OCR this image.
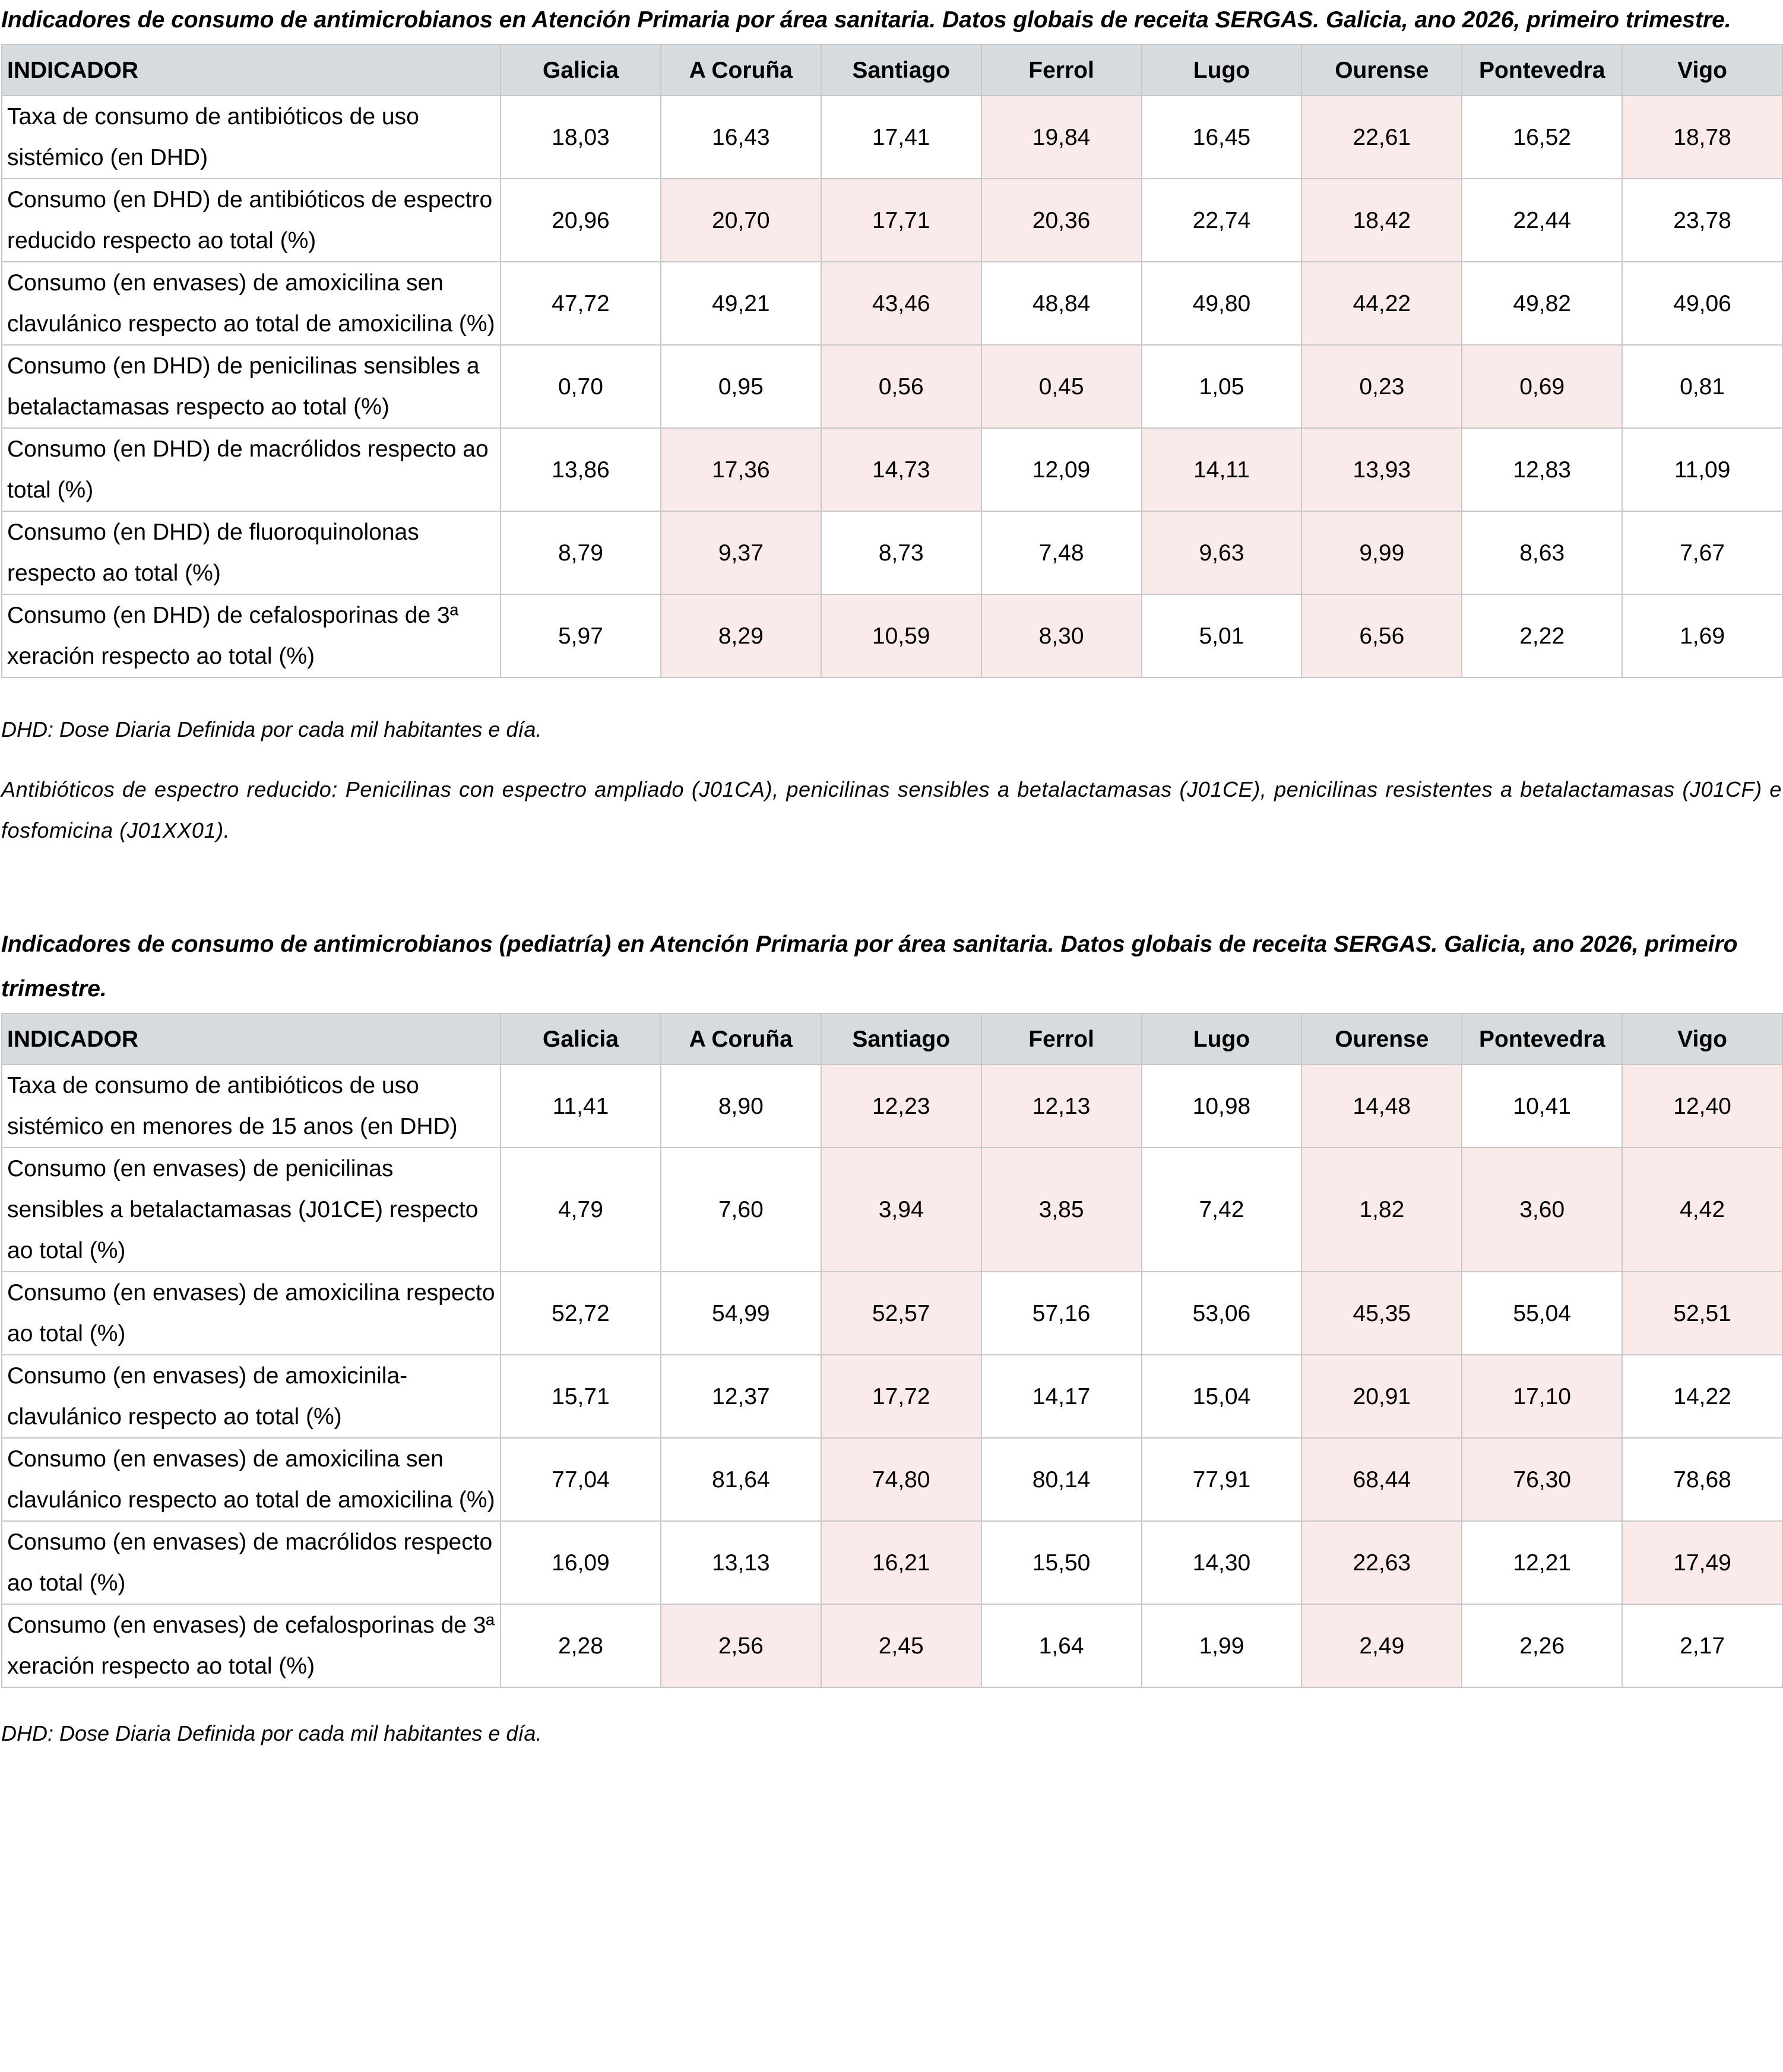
Indicadores de consumo de antimicrobianos en Atención Primaria por área sanitaria. Datos globais de receita SERGAS. Galicia, ano 2026, primeiro trimestre.

INDICADOR	Galicia	A Coruña	Santiago	Ferrol	Lugo	Ourense	Pontevedra	Vigo
Taxa de consumo de antibióticos de uso sistémico (en DHD)	18,03	16,43	17,41	19,84	16,45	22,61	16,52	18,78
Consumo (en DHD) de antibióticos de espectro reducido respecto ao total (%)	20,96	20,70	17,71	20,36	22,74	18,42	22,44	23,78
Consumo (en envases) de amoxicilina sen clavulánico respecto ao total de amoxicilina (%)	47,72	49,21	43,46	48,84	49,80	44,22	49,82	49,06
Consumo (en DHD) de penicilinas sensibles a betalactamasas respecto ao total (%)	0,70	0,95	0,56	0,45	1,05	0,23	0,69	0,81
Consumo (en DHD) de macrólidos respecto ao total (%)	13,86	17,36	14,73	12,09	14,11	13,93	12,83	11,09
Consumo (en DHD) de fluoroquinolonas respecto ao total (%)	8,79	9,37	8,73	7,48	9,63	9,99	8,63	7,67
Consumo (en DHD) de cefalosporinas de 3ª xeración respecto ao total (%)	5,97	8,29	10,59	8,30	5,01	6,56	2,22	1,69

DHD: Dose Diaria Definida por cada mil habitantes e día.

Antibióticos de espectro reducido: Penicilinas con espectro ampliado (J01CA), penicilinas sensibles a betalactamasas (J01CE), penicilinas resistentes a betalactamasas (J01CF) e fosfomicina (J01XX01).

Indicadores de consumo de antimicrobianos (pediatría) en Atención Primaria por área sanitaria. Datos globais de receita SERGAS. Galicia, ano 2026, primeiro trimestre.

INDICADOR	Galicia	A Coruña	Santiago	Ferrol	Lugo	Ourense	Pontevedra	Vigo
Taxa de consumo de antibióticos de uso sistémico en menores de 15 anos (en DHD)	11,41	8,90	12,23	12,13	10,98	14,48	10,41	12,40
Consumo (en envases) de penicilinas sensibles a betalactamasas (J01CE) respecto ao total (%)	4,79	7,60	3,94	3,85	7,42	1,82	3,60	4,42
Consumo (en envases) de amoxicilina respecto ao total (%)	52,72	54,99	52,57	57,16	53,06	45,35	55,04	52,51
Consumo (en envases) de amoxicinila-clavulánico respecto ao total (%)	15,71	12,37	17,72	14,17	15,04	20,91	17,10	14,22
Consumo (en envases) de amoxicilina sen clavulánico respecto ao total de amoxicilina (%)	77,04	81,64	74,80	80,14	77,91	68,44	76,30	78,68
Consumo (en envases) de macrólidos respecto ao total (%)	16,09	13,13	16,21	15,50	14,30	22,63	12,21	17,49
Consumo (en envases) de cefalosporinas de 3ª xeración respecto ao total (%)	2,28	2,56	2,45	1,64	1,99	2,49	2,26	2,17

DHD: Dose Diaria Definida por cada mil habitantes e día.
